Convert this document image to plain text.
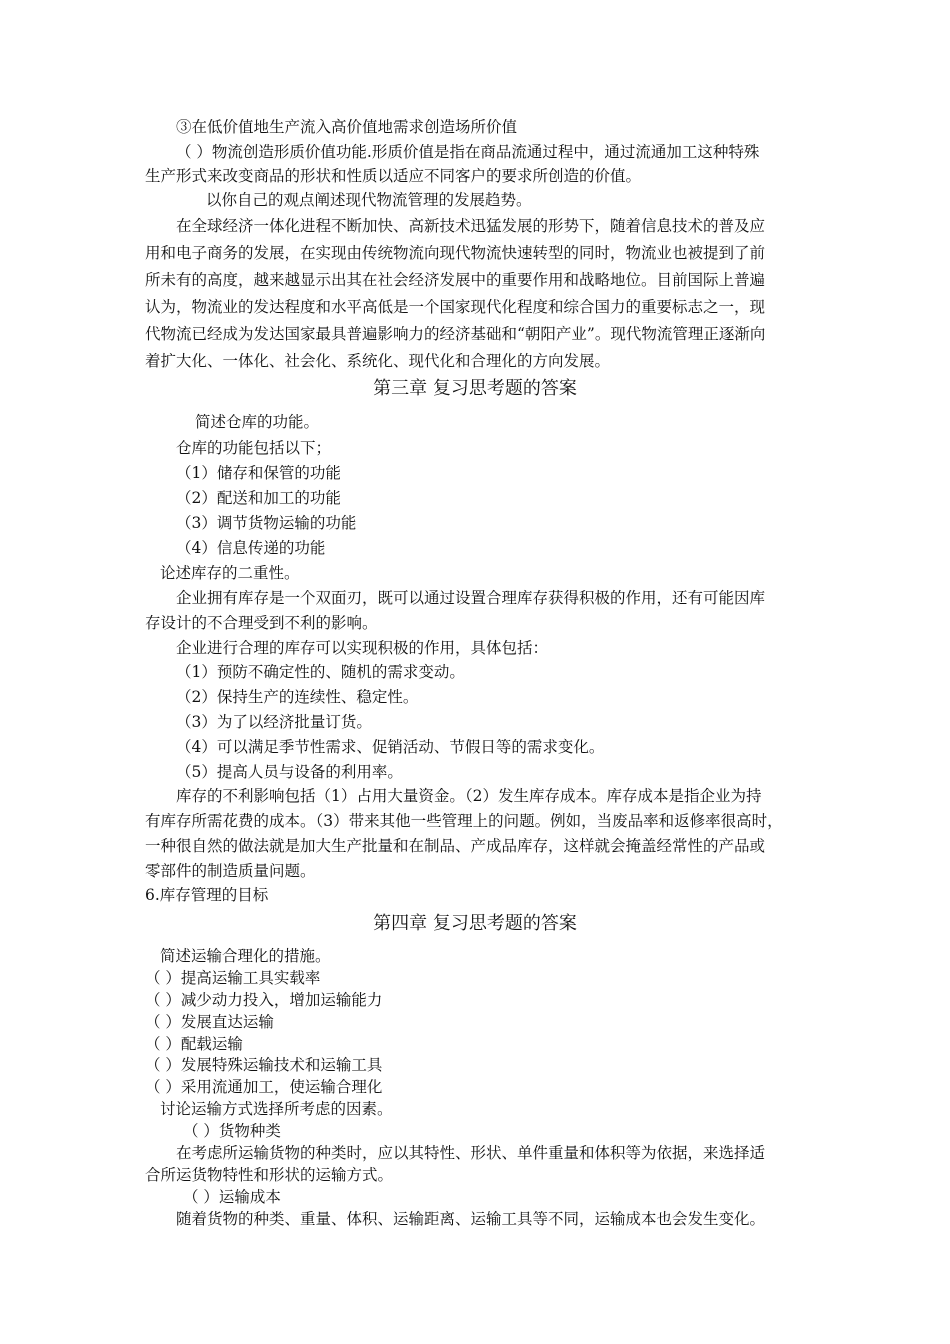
③在低价值地生产流入高价值地需求创造场所价值
（ ）物流创造形质价值功能.形质价值是指在商品流通过程中，通过流通加工这种特殊
生产形式来改变商品的形状和性质以适应不同客户的要求所创造的价值。
以你自己的观点阐述现代物流管理的发展趋势。
在全球经济一体化进程不断加快、高新技术迅猛发展的形势下，随着信息技术的普及应
用和电子商务的发展，在实现由传统物流向现代物流快速转型的同时，物流业也被提到了前
所未有的高度，越来越显示出其在社会经济发展中的重要作用和战略地位。目前国际上普遍
认为，物流业的发达程度和水平高低是一个国家现代化程度和综合国力的重要标志之一，现
代物流已经成为发达国家最具普遍影响力的经济基础和“朝阳产业”。现代物流管理正逐渐向
着扩大化、一体化、社会化、系统化、现代化和合理化的方向发展。
第三章 复习思考题的答案
简述仓库的功能。
仓库的功能包括以下；
（1）储存和保管的功能
（2）配送和加工的功能
（3）调节货物运输的功能
（4）信息传递的功能
论述库存的二重性。
企业拥有库存是一个双面刃，既可以通过设置合理库存获得积极的作用，还有可能因库
存设计的不合理受到不利的影响。
企业进行合理的库存可以实现积极的作用，具体包括：
（1）预防不确定性的、随机的需求变动。
（2）保持生产的连续性、稳定性。
（3）为了以经济批量订货。
（4）可以满足季节性需求、促销活动、节假日等的需求变化。
（5）提高人员与设备的利用率。
库存的不利影响包括（1）占用大量资金。（2）发生库存成本。库存成本是指企业为持
有库存所需花费的成本。（3）带来其他一些管理上的问题。例如，当废品率和返修率很高时，
一种很自然的做法就是加大生产批量和在制品、产成品库存，这样就会掩盖经常性的产品或
零部件的制造质量问题。
6.库存管理的目标
第四章 复习思考题的答案
简述运输合理化的措施。
（ ）提高运输工具实载率
（ ）减少动力投入，增加运输能力
（ ）发展直达运输
（ ）配载运输
（ ）发展特殊运输技术和运输工具
（ ）采用流通加工，使运输合理化
讨论运输方式选择所考虑的因素。
（ ）货物种类
在考虑所运输货物的种类时，应以其特性、形状、单件重量和体积等为依据，来选择适
合所运货物特性和形状的运输方式。
（ ）运输成本
随着货物的种类、重量、体积、运输距离、运输工具等不同，运输成本也会发生变化。
